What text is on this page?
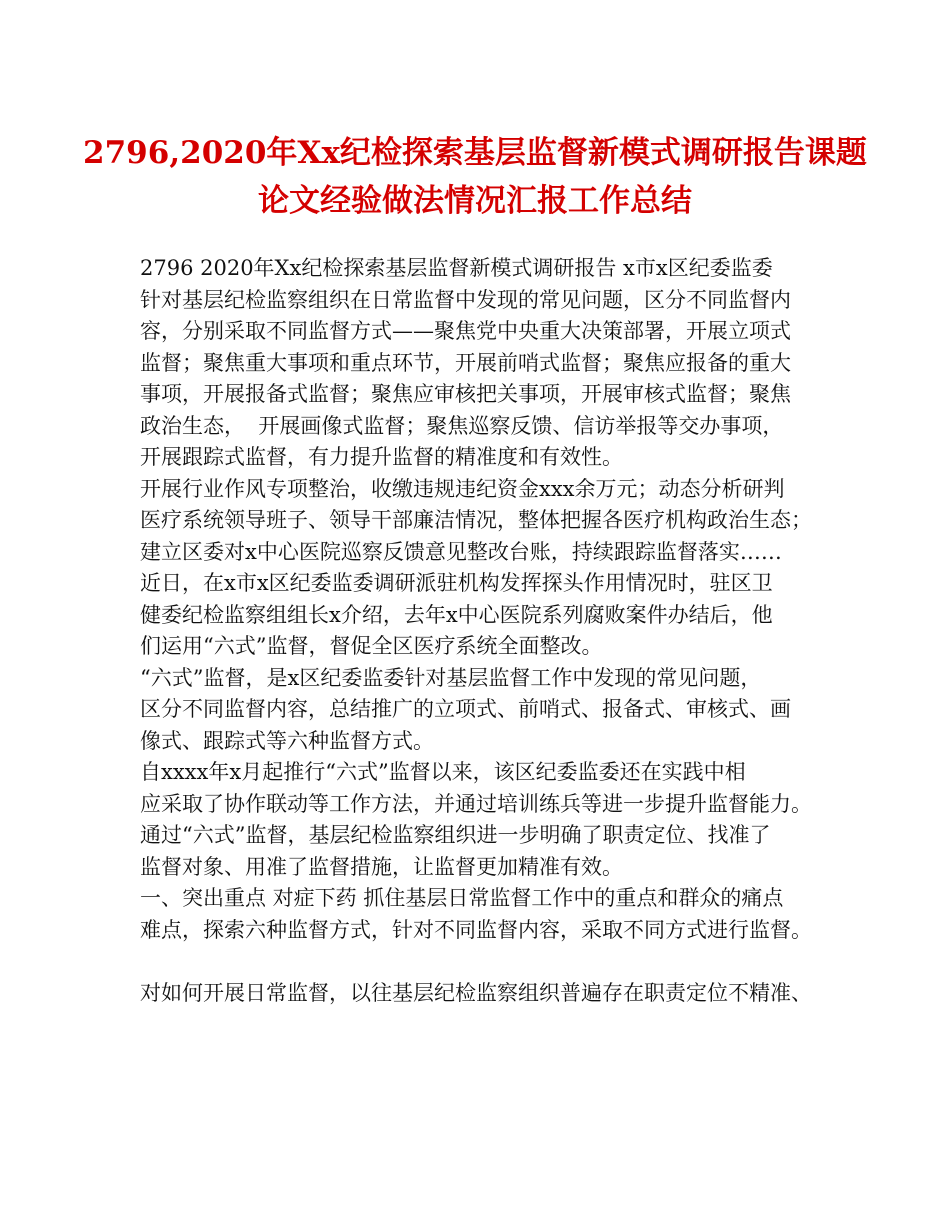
2796,2020年Xx纪检探索基层监督新模式调研报告课题
论文经验做法情况汇报工作总结
2796 2020年Xx纪检探索基层监督新模式调研报告 x市x区纪委监委
针对基层纪检监察组织在日常监督中发现的常见问题，区分不同监督内
容，分别采取不同监督方式——聚焦党中央重大决策部署，开展立项式
监督；聚焦重大事项和重点环节，开展前哨式监督；聚焦应报备的重大
事项，开展报备式监督；聚焦应审核把关事项，开展审核式监督；聚焦
政治生态，  开展画像式监督；聚焦巡察反馈、信访举报等交办事项，
开展跟踪式监督，有力提升监督的精准度和有效性。
开展行业作风专项整治，收缴违规违纪资金xxx余万元；动态分析研判
医疗系统领导班子、领导干部廉洁情况，整体把握各医疗机构政治生态；
建立区委对x中心医院巡察反馈意见整改台账，持续跟踪监督落实……
近日，在x市x区纪委监委调研派驻机构发挥探头作用情况时，驻区卫
健委纪检监察组组长x介绍，去年x中心医院系列腐败案件办结后，他
们运用“六式”监督，督促全区医疗系统全面整改。
“六式”监督，是x区纪委监委针对基层监督工作中发现的常见问题，
区分不同监督内容，总结推广的立项式、前哨式、报备式、审核式、画
像式、跟踪式等六种监督方式。
自xxxx年x月起推行“六式”监督以来，该区纪委监委还在实践中相
应采取了协作联动等工作方法，并通过培训练兵等进一步提升监督能力。
通过“六式”监督，基层纪检监察组织进一步明确了职责定位、找准了
监督对象、用准了监督措施，让监督更加精准有效。
一、突出重点 对症下药 抓住基层日常监督工作中的重点和群众的痛点
难点，探索六种监督方式，针对不同监督内容，采取不同方式进行监督。
对如何开展日常监督，以往基层纪检监察组织普遍存在职责定位不精准、
